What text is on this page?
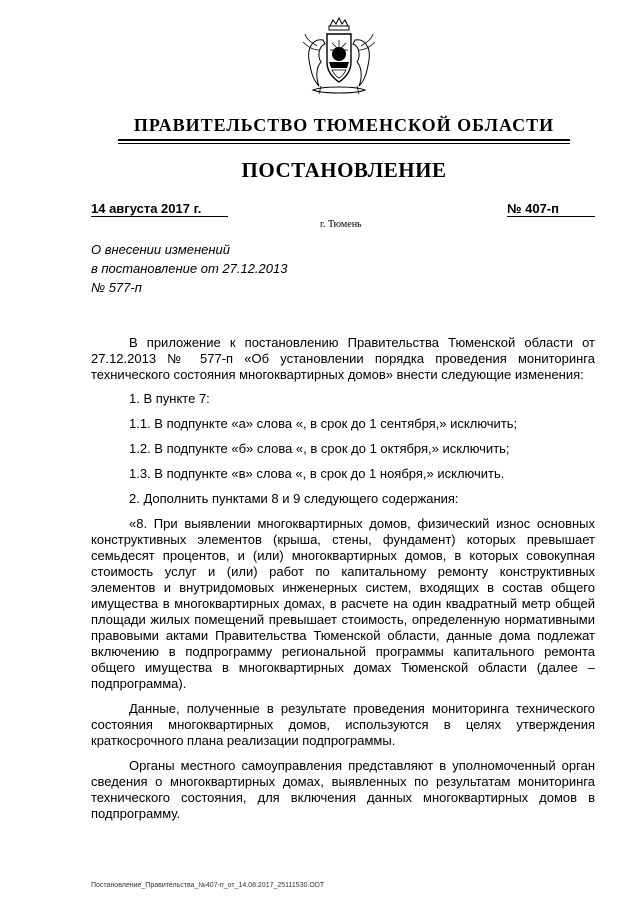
ПРАВИТЕЛЬСТВО ТЮМЕНСКОЙ ОБЛАСТИ
ПОСТАНОВЛЕНИЕ
14 августа 2017 г.	№ 407-п
г. Тюмень
О внесении изменений
в постановление от 27.12.2013
№ 577-п

В приложение к постановлению Правительства Тюменской области от 27.12.2013 № 577-п «Об установлении порядка проведения мониторинга технического состояния многоквартирных домов» внести следующие изменения:

1. В пункте 7:

1.1. В подпункте «а» слова «, в срок до 1 сентября,» исключить;

1.2. В подпункте «б» слова «, в срок до 1 октября,» исключить;

1.3. В подпункте «в» слова «, в срок до 1 ноября,» исключить.

2. Дополнить пунктами 8 и 9 следующего содержания:

«8. При выявлении многоквартирных домов, физический износ основных конструктивных элементов (крыша, стены, фундамент) которых превышает семьдесят процентов, и (или) многоквартирных домов, в которых совокупная стоимость услуг и (или) работ по капитальному ремонту конструктивных элементов и внутридомовых инженерных систем, входящих в состав общего имущества в многоквартирных домах, в расчете на один квадратный метр общей площади жилых помещений превышает стоимость, определенную нормативными правовыми актами Правительства Тюменской области, данные дома подлежат включению в подпрограмму региональной программы капитального ремонта общего имущества в многоквартирных домах Тюменской области (далее – подпрограмма).

Данные, полученные в результате проведения мониторинга технического состояния многоквартирных домов, используются в целях утверждения краткосрочного плана реализации подпрограммы.

Органы местного самоуправления представляют в уполномоченный орган сведения о многоквартирных домах, выявленных по результатам мониторинга технического состояния, для включения данных многоквартирных домов в подпрограмму.

Постановление_Правительства_№407-п_от_14.08.2017_25111530.ODT
